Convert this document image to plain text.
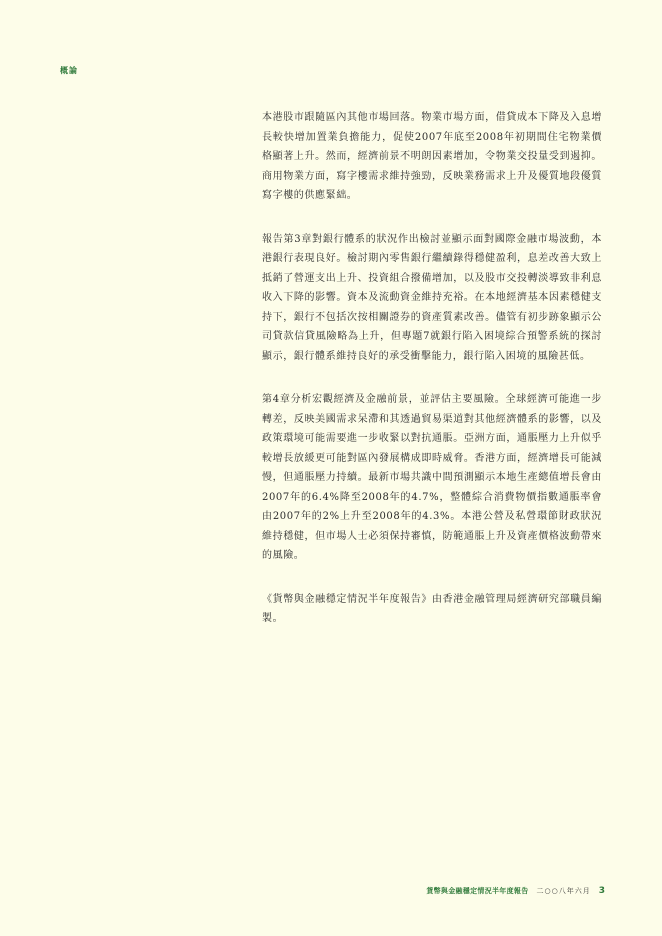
概論

本港股市跟隨區內其他市場回落。物業市場方面，借貸成本下降及入息增長較快增加置業負擔能力，促使2007年底至2008年初期間住宅物業價格顯著上升。然而，經濟前景不明朗因素增加，令物業交投量受到遏抑。商用物業方面，寫字樓需求維持強勁，反映業務需求上升及優質地段優質寫字樓的供應緊絀。

報告第3章對銀行體系的狀況作出檢討並顯示面對國際金融市場波動，本港銀行表現良好。檢討期內零售銀行繼續錄得穩健盈利，息差改善大致上抵銷了營運支出上升、投資組合撥備增加，以及股市交投轉淡導致非利息收入下降的影響。資本及流動資金維持充裕。在本地經濟基本因素穩健支持下，銀行不包括次按相關證券的資產質素改善。儘管有初步跡象顯示公司貸款信貸風險略為上升，但專題7就銀行陷入困境綜合預警系統的探討顯示，銀行體系維持良好的承受衝擊能力，銀行陷入困境的風險甚低。

第4章分析宏觀經濟及金融前景，並評估主要風險。全球經濟可能進一步轉差，反映美國需求呆滯和其透過貿易渠道對其他經濟體系的影響，以及政策環境可能需要進一步收緊以對抗通脹。亞洲方面，通脹壓力上升似乎較增長放緩更可能對區內發展構成即時威脅。香港方面，經濟增長可能減慢，但通脹壓力持續。最新市場共識中間預測顯示本地生產總值增長會由2007年的6.4%降至2008年的4.7%，整體綜合消費物價指數通脹率會由2007年的2%上升至2008年的4.3%。本港公營及私營環節財政狀況維持穩健，但市場人士必須保持審慎，防範通脹上升及資產價格波動帶來的風險。

《貨幣與金融穩定情況半年度報告》由香港金融管理局經濟研究部職員編製。

貨幣與金融穩定情況半年度報告 二○○八年六月 3
